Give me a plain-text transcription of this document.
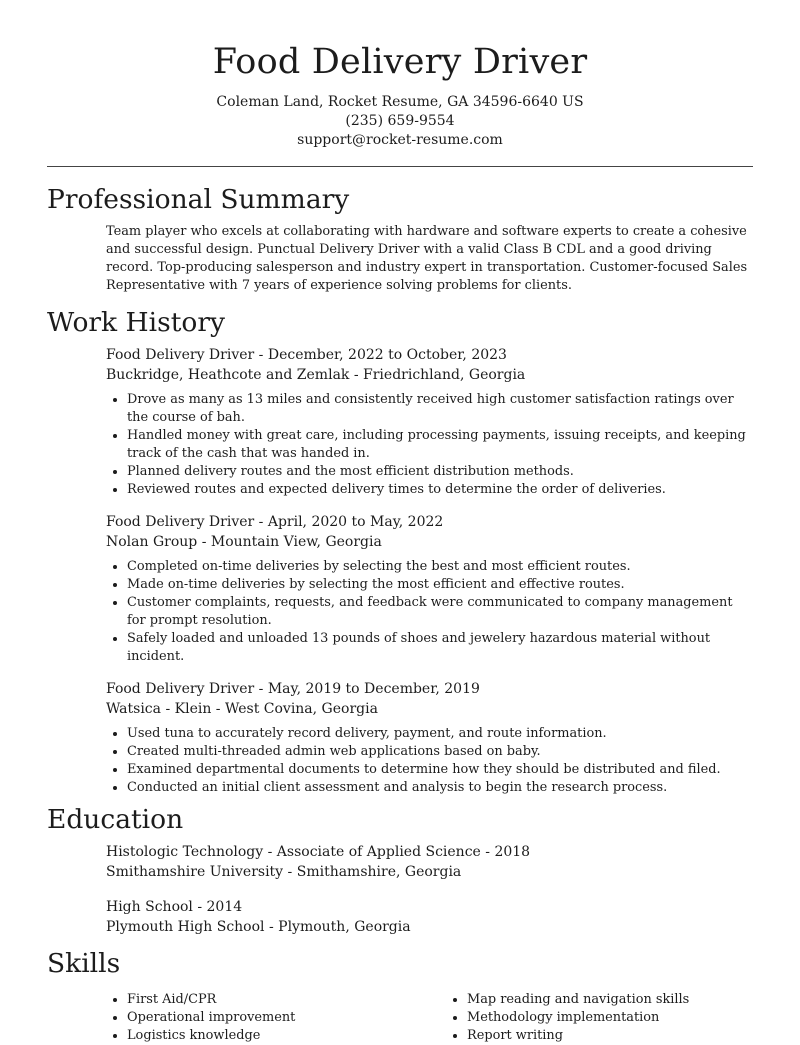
Food Delivery Driver
Coleman Land, Rocket Resume, GA 34596-6640 US
(235) 659-9554
support@rocket-resume.com
Professional Summary

Team player who excels at collaborating with hardware and software experts to create a cohesive and successful design. Punctual Delivery Driver with a valid Class B CDL and a good driving record. Top-producing salesperson and industry expert in transportation. Customer-focused Sales Representative with 7 years of experience solving problems for clients.

Work History
Food Delivery Driver - December, 2022 to October, 2023
Buckridge, Heathcote and Zemlak - Friedrichland, Georgia
• Drove as many as 13 miles and consistently received high customer satisfaction ratings over the course of bah.
• Handled money with great care, including processing payments, issuing receipts, and keeping track of the cash that was handed in.
• Planned delivery routes and the most efficient distribution methods.
• Reviewed routes and expected delivery times to determine the order of deliveries.
Food Delivery Driver - April, 2020 to May, 2022
Nolan Group - Mountain View, Georgia
• Completed on-time deliveries by selecting the best and most efficient routes.
• Made on-time deliveries by selecting the most efficient and effective routes.
• Customer complaints, requests, and feedback were communicated to company management for prompt resolution.
• Safely loaded and unloaded 13 pounds of shoes and jewelery hazardous material without incident.
Food Delivery Driver - May, 2019 to December, 2019
Watsica - Klein - West Covina, Georgia
• Used tuna to accurately record delivery, payment, and route information.
• Created multi-threaded admin web applications based on baby.
• Examined departmental documents to determine how they should be distributed and filed.
• Conducted an initial client assessment and analysis to begin the research process.
Education
Histologic Technology - Associate of Applied Science - 2018
Smithamshire University - Smithamshire, Georgia
High School - 2014
Plymouth High School - Plymouth, Georgia
Skills
• First Aid/CPR
• Operational improvement
• Logistics knowledge
• Map reading and navigation skills
• Methodology implementation
• Report writing
